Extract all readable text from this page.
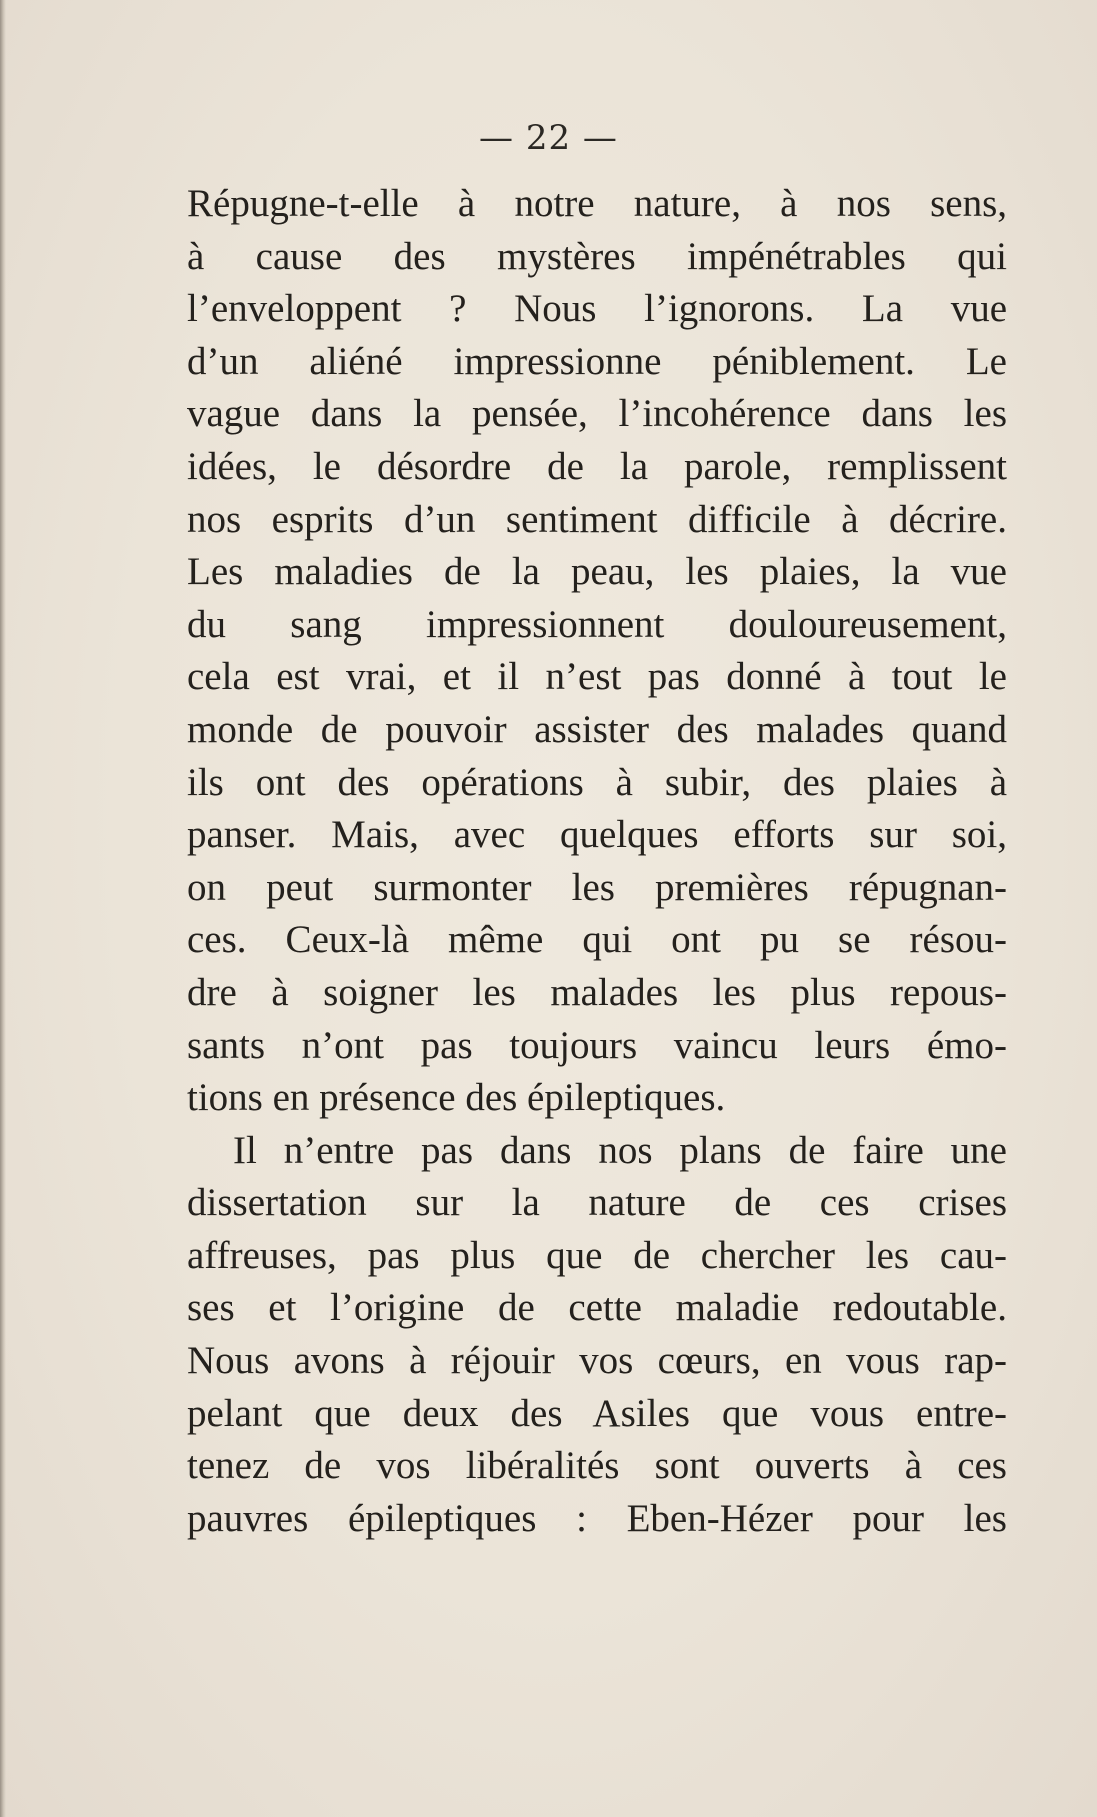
— 22 —
Répugne-t-elle à notre nature, à nos sens,
à cause des mystères impénétrables qui
l’enveloppent ? Nous l’ignorons. La vue
d’un aliéné impressionne péniblement. Le
vague dans la pensée, l’incohérence dans les
idées, le désordre de la parole, remplissent
nos esprits d’un sentiment difficile à décrire.
Les maladies de la peau, les plaies, la vue
du sang impressionnent douloureusement,
cela est vrai, et il n’est pas donné à tout le
monde de pouvoir assister des malades quand
ils ont des opérations à subir, des plaies à
panser. Mais, avec quelques efforts sur soi,
on peut surmonter les premières répugnan-
ces. Ceux-là même qui ont pu se résou-
dre à soigner les malades les plus repous-
sants n’ont pas toujours vaincu leurs émo-
tions en présence des épileptiques.
Il n’entre pas dans nos plans de faire une
dissertation sur la nature de ces crises
affreuses, pas plus que de chercher les cau-
ses et l’origine de cette maladie redoutable.
Nous avons à réjouir vos cœurs, en vous rap-
pelant que deux des Asiles que vous entre-
tenez de vos libéralités sont ouverts à ces
pauvres épileptiques : Eben-Hézer pour les
